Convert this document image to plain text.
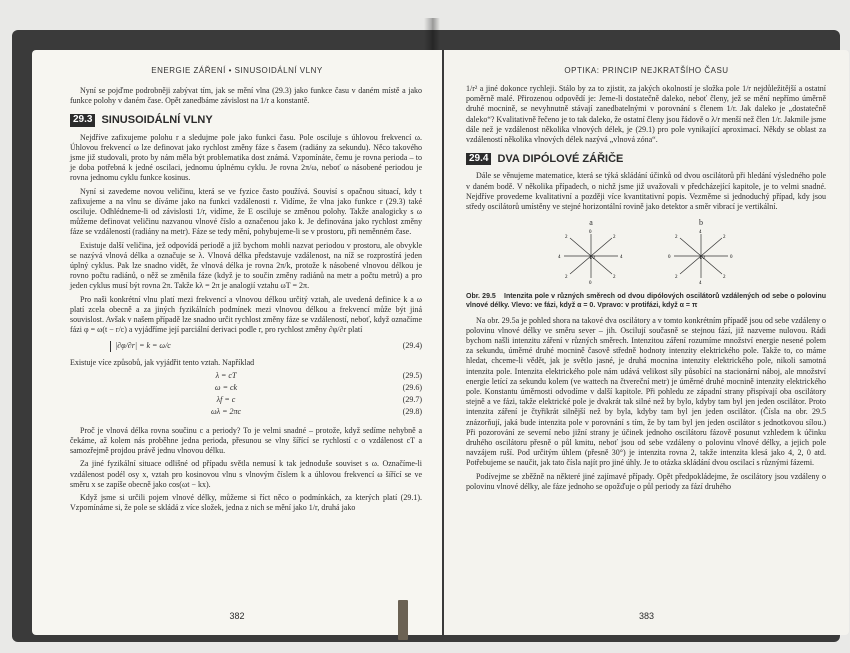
ENERGIE ZÁŘENÍ • SINUSOIDÁLNÍ VLNY

Nyní se pojďme podrobněji zabývat tím, jak se mění vlna (29.3) jako funkce času v daném místě a jako funkce polohy v daném čase. Opět zanedbáme závislost na 1/r a konstantě.

29.3 SINUSOIDÁLNÍ VLNY

Nejdříve zafixujeme polohu r a sledujme pole jako funkci času. Pole osciluje s úhlovou frekvencí ω. Úhlovou frekvencí ω lze definovat jako rychlost změny fáze s časem (radiány za sekundu). Něco takového jsme již studovali, proto by nám měla být problematika dost známá. Vzpomínáte, čemu je rovna perioda – to je doba potřebná k jedné oscilaci, jednomu úplnému cyklu. Je rovna 2π/ω, neboť ω násobené periodou je rovna jednomu cyklu funkce kosinus.

Nyní si zavedeme novou veličinu, která se ve fyzice často používá. Souvisí s opačnou situací, kdy t zafixujeme a na vlnu se díváme jako na funkci vzdálenosti r. Vidíme, že vlna jako funkce r (29.3) také osciluje. Odhlédneme-li od závislosti 1/r, vidíme, že E osciluje se změnou polohy. Takže analogicky s ω můžeme definovat veličinu nazvanou vlnové číslo a označenou jako k. Je definována jako rychlost změny fáze se vzdáleností (radiány na metr). Fáze se tedy mění, pohybujeme-li se v prostoru, při neměnném čase.

Existuje další veličina, jež odpovídá periodě a již bychom mohli nazvat periodou v prostoru, ale obvykle se nazývá vlnová délka a označuje se λ. Vlnová délka představuje vzdálenost, na níž se rozprostírá jeden úplný cyklus. Pak lze snadno vidět, že vlnová délka je rovna 2π/k, protože k násobené vlnovou délkou je rovno počtu radiánů, o něž se změnila fáze (když je to součin změny radiánů na metr a počtu metrů) a pro jeden cyklus musí být rovna 2π. Takže kλ = 2π je analogií vztahu ωT = 2π.

Pro naši konkrétní vlnu platí mezi frekvencí a vlnovou délkou určitý vztah, ale uvedená definice k a ω platí zcela obecně a za jiných fyzikálních podmínek mezi vlnovou délkou a frekvencí může být jiná souvislost. Avšak v našem případě lze snadno určit rychlost změny fáze se vzdáleností, neboť, když označíme fázi φ = ω(t − r/c) a vyjádříme její parciální derivaci podle r, pro rychlost změny ∂φ/∂r platí

|∂φ/∂r| = k = ω/c	(29.4)

Existuje více způsobů, jak vyjádřit tento vztah. Například

λ = cT	(29.5)
ω = ck	(29.6)
λf = c	(29.7)
ωλ = 2πc	(29.8)

Proč je vlnová délka rovna součinu c a periody? To je velmi snadné – protože, když sedíme nehybně a čekáme, až kolem nás proběhne jedna perioda, přesunou se vlny šířící se rychlostí c o vzdálenost cT a samozřejmě projdou právě jednu vlnovou délku.

Za jiné fyzikální situace odlišné od případu světla nemusí k tak jednoduše souviset s ω. Označíme-li vzdálenost podél osy x, vztah pro kosinovou vlnu s vlnovým číslem k a úhlovou frekvencí ω šířící se ve směru x se zapíše obecně jako cos(ωt − kx).

Když jsme si určili pojem vlnové délky, můžeme si říct něco o podmínkách, za kterých platí (29.1). Vzpomínáme si, že pole se skládá z více složek, jedna z nich se mění jako 1/r, druhá jako

382
OPTIKA: PRINCIP NEJKRATŠÍHO ČASU

1/r² a jiné dokonce rychleji. Stálo by za to zjistit, za jakých okolností je složka pole 1/r nejdůležitější a ostatní poměrně malé. Přirozenou odpovědí je: Jeme-li dostatečně daleko, neboť členy, jež se mění nepřímo úměrně druhé mocnině, se nevyhnutně stávají zanedbatelnými v porovnání s členem 1/r. Jak daleko je „dostatečně daleko“? Kvalitativně řečeno je to tak daleko, že ostatní členy jsou řádově o λ/r menší než člen 1/r. Jakmile jsme dále než je vzdálenost několika vlnových délek, je (29.1) pro pole vynikající aproximací. Někdy se oblast za vzdáleností několika vlnových délek nazývá „vlnová zóna“.

29.4 DVA DIPÓLOVÉ ZÁŘIČE

Dále se věnujeme matematice, která se týká skládání účinků od dvou oscilátorů při hledání výsledného pole v daném bodě. V několika případech, o nichž jsme již uvažovali v předcházející kapitole, je to velmi snadné. Nejdříve provedeme kvalitativní a později více kvantitativní popis. Vezměme si jednoduchý případ, kdy jsou středy oscilátorů umístěny ve stejné horizontální rovině jako detektor a směr vibrací je vertikální.

a
1/2
0
2
4
2
0
2
4
2
b
1/2
4
2
0
2
4
2
0
2
Obr. 29.5 Intenzita pole v různých směrech od dvou dipólových oscilátorů vzdálených od sebe o polovinu vlnové délky. Vlevo: ve fázi, když α = 0. Vpravo: v protifázi, když α = π

Na obr. 29.5a je pohled shora na takové dva oscilátory a v tomto konkrétním případě jsou od sebe vzdáleny o polovinu vlnové délky ve směru sever – jih. Oscilují současně se stejnou fází, již nazveme nulovou. Rádi bychom našli intenzitu záření v různých směrech. Intenzitou záření rozumíme množství energie nesené polem za sekundu, úměrné druhé mocnině časově středně hodnoty intenzity elektrického pole. Takže to, co máme hledat, chceme-li vědět, jak je světlo jasné, je druhá mocnina intenzity elektrického pole, nikoli samotná intenzita pole. Intenzita elektrického pole nám udává velikost síly působící na stacionární náboj, ale množství energie letící za sekundu kolem (ve wattech na čtvereční metr) je úměrné druhé mocnině intenzity elektrického pole. Konstantu úměrnosti odvodíme v další kapitole. Při pohledu ze západní strany přispívají oba oscilátory stejně a ve fázi, takže elektrické pole je dvakrát tak silné než by bylo, kdyby tam byl jen jeden oscilátor. Proto intenzita záření je čtyřikrát silnější než by byla, kdyby tam byl jen jeden oscilátor. (Čísla na obr. 29.5 znázorňují, jaká bude intenzita pole v porovnání s tím, že by tam byl jen jeden oscilátor s jednotkovou sílou.) Při pozorování ze severní nebo jižní strany je účinek jednoho oscilátoru fázově posunut vzhledem k účinku druhého oscilátoru přesně o půl kmitu, neboť jsou od sebe vzdáleny o polovinu vlnové délky, a jejich pole navzájem ruší. Pod určitým úhlem (přesně 30°) je intenzita rovna 2, takže intenzita klesá jako 4, 2, 0 atd. Potřebujeme se naučit, jak tato čísla najít pro jiné úhly. Je to otázka skládání dvou oscilací s různými fázemi.

Podívejme se zběžně na některé jiné zajímavé případy. Opět předpokládejme, že oscilátory jsou vzdáleny o polovinu vlnové délky, ale fáze jednoho se opožďuje o půl periody za fází druhého

383
